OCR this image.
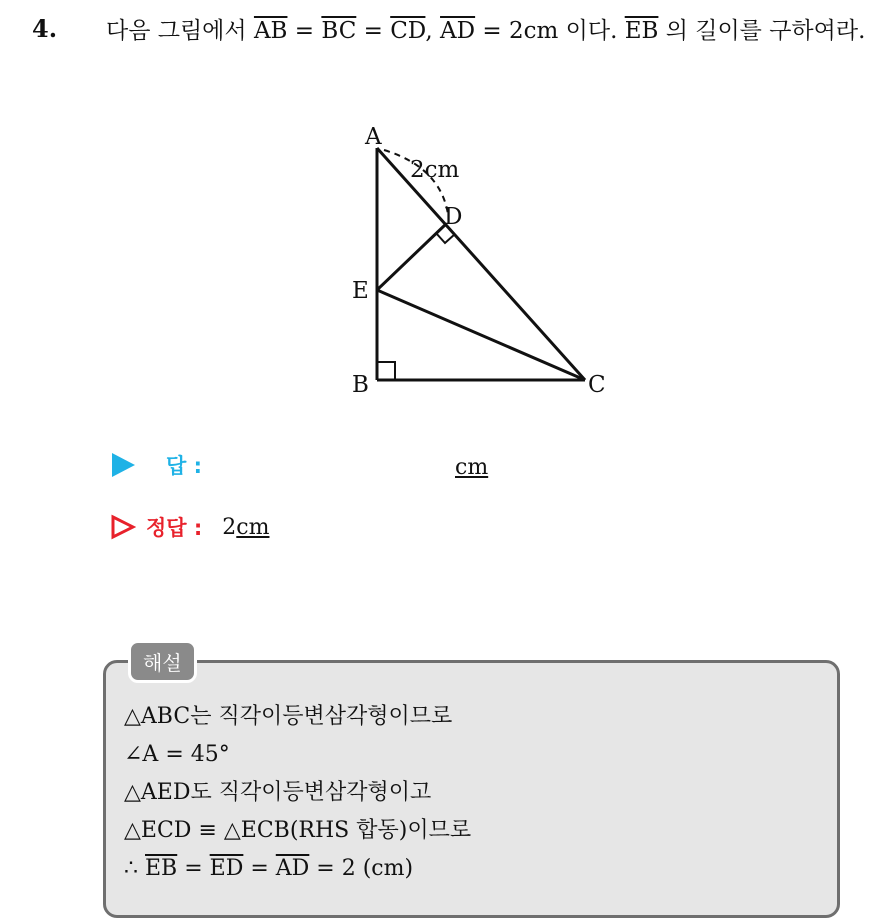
4. 다음 그림에서 $\overline{AB} = \overline{BC} = \overline{CD}$, $\overline{AD} = 2cm$ 이다. $\overline{EB}$ 의 길이를 구하여라.
A
D
E
B	C
2cm
답 :	cm
정답 : 2cm
해설
△ABC는 직각이등변삼각형이므로
∠A = 45°
△AED도 직각이등변삼각형이고
△ECD ≡ △ECB(RHS 합동)이므로
∴ $\overline{EB} = \overline{ED} = \overline{AD} = 2$ (cm)
